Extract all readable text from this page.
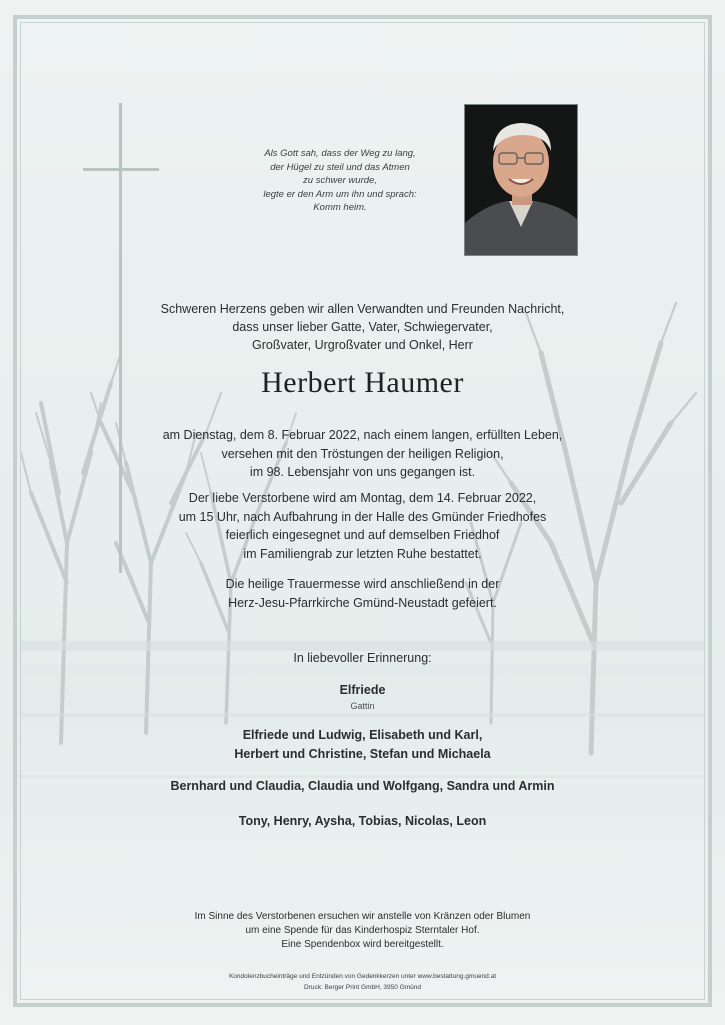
Als Gott sah, dass der Weg zu lang,
der Hügel zu steil und das Atmen
zu schwer wurde,
legte er den Arm um ihn und sprach:
Komm heim.
Schweren Herzens geben wir allen Verwandten und Freunden Nachricht,
dass unser lieber Gatte, Vater, Schwiegervater,
Großvater, Urgroßvater und Onkel, Herr
Herbert Haumer
am Dienstag, dem 8. Februar 2022, nach einem langen, erfüllten Leben,
versehen mit den Tröstungen der heiligen Religion,
im 98. Lebensjahr von uns gegangen ist.
Der liebe Verstorbene wird am Montag, dem 14. Februar 2022,
um 15 Uhr, nach Aufbahrung in der Halle des Gmünder Friedhofes
feierlich eingesegnet und auf demselben Friedhof
im Familiengrab zur letzten Ruhe bestattet.
Die heilige Trauermesse wird anschließend in der
Herz-Jesu-Pfarrkirche Gmünd-Neustadt gefeiert.
In liebevoller Erinnerung:
Elfriede
Gattin
Elfriede und Ludwig, Elisabeth und Karl,
Herbert und Christine, Stefan und Michaela
Bernhard und Claudia, Claudia und Wolfgang, Sandra und Armin
Tony, Henry, Aysha, Tobias, Nicolas, Leon
Im Sinne des Verstorbenen ersuchen wir anstelle von Kränzen oder Blumen
um eine Spende für das Kinderhospiz Sterntaler Hof.
Eine Spendenbox wird bereitgestellt.
Kondolenzbucheinträge und Entzünden von Gedenkkerzen unter www.bestattung.gmuend.at
Druck: Berger Print GmbH, 3950 Gmünd
